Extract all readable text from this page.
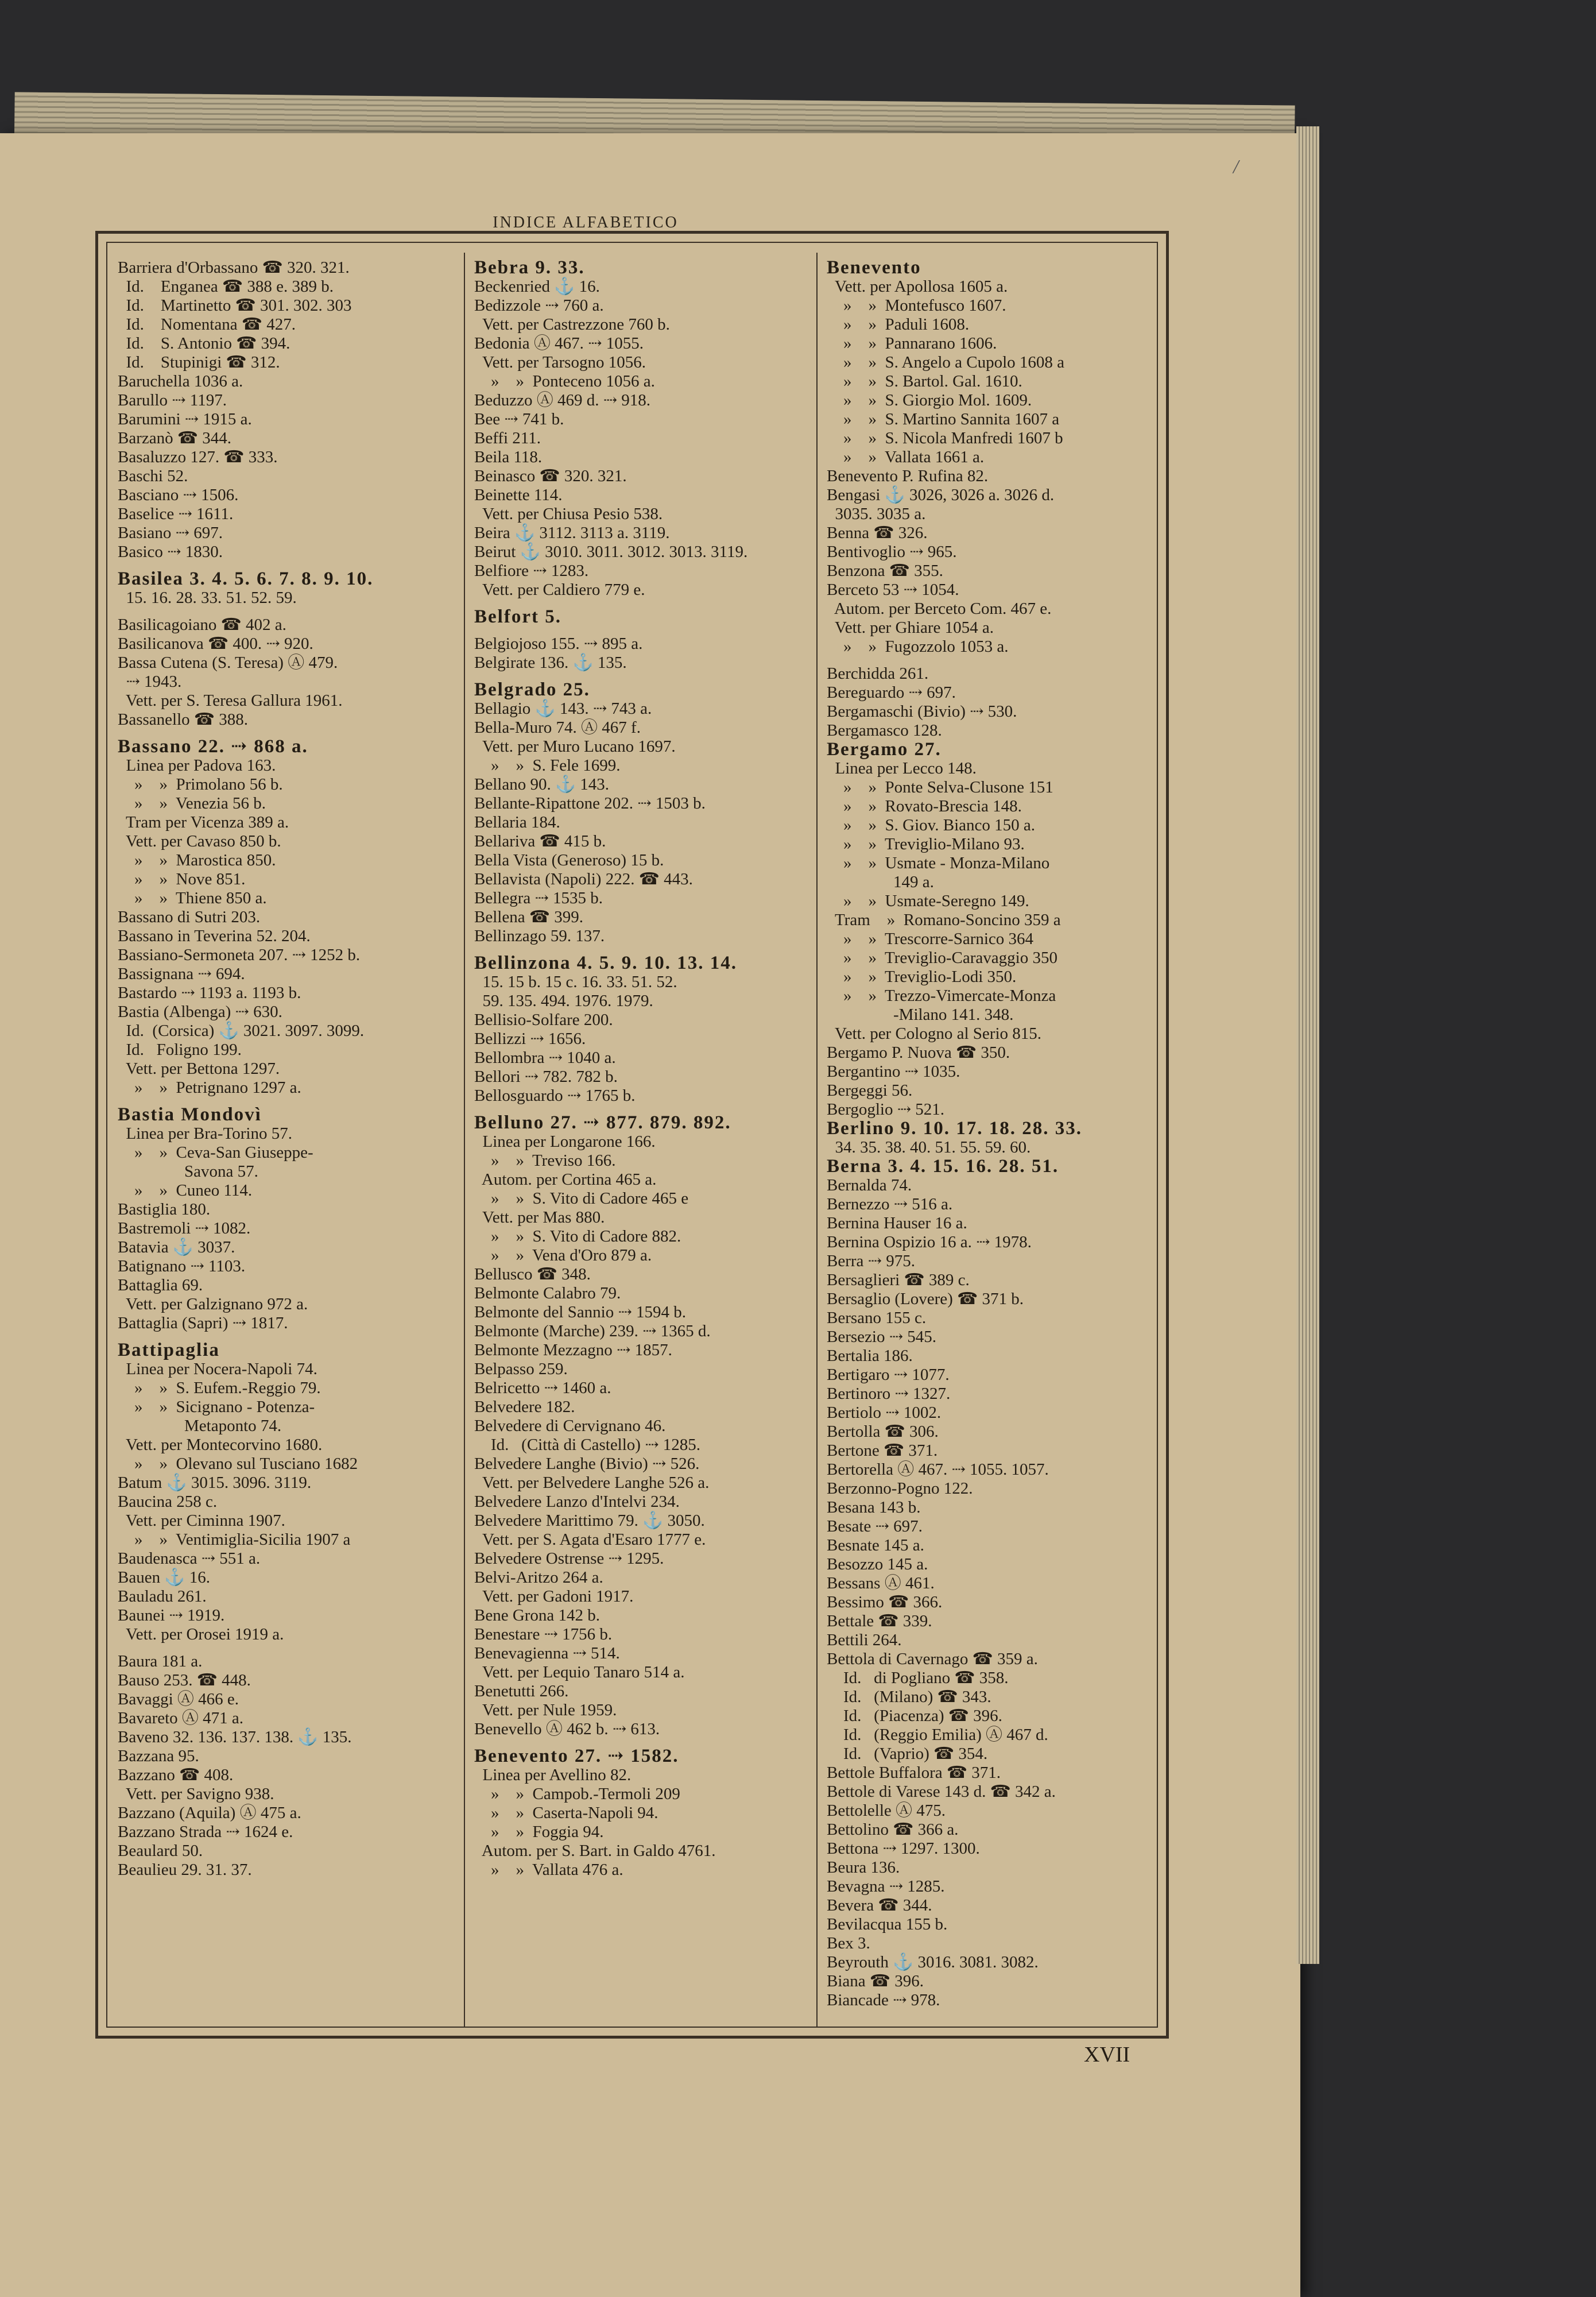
/
INDICE ALFABETICO
Barriera d'Orbassano ☎ 320. 321.
Id.    Enganea ☎ 388 e. 389 b.
Id.    Martinetto ☎ 301. 302. 303
Id.    Nomentana ☎ 427.
Id.    S. Antonio ☎ 394.
Id.    Stupinigi ☎ 312.
Baruchella 1036 a.
Barullo ⇢ 1197.
Barumini ⇢ 1915 a.
Barzanò ☎ 344.
Basaluzzo 127. ☎ 333.
Baschi 52.
Basciano ⇢ 1506.
Baselice ⇢ 1611.
Basiano ⇢ 697.
Basico ⇢ 1830.
Basilea 3. 4. 5. 6. 7. 8. 9. 10.
15. 16. 28. 33. 51. 52. 59.
Basilicagoiano ☎ 402 a.
Basilicanova ☎ 400. ⇢ 920.
Bassa Cutena (S. Teresa) Ⓐ 479.
⇢ 1943.
Vett. per S. Teresa Gallura 1961.
Bassanello ☎ 388.
Bassano 22. ⇢ 868 a.
Linea per Padova 163.
»    »  Primolano 56 b.
»    »  Venezia 56 b.
Tram per Vicenza 389 a.
Vett. per Cavaso 850 b.
»    »  Marostica 850.
»    »  Nove 851.
»    »  Thiene 850 a.
Bassano di Sutri 203.
Bassano in Teverina 52. 204.
Bassiano-Sermoneta 207. ⇢ 1252 b.
Bassignana ⇢ 694.
Bastardo ⇢ 1193 a. 1193 b.
Bastia (Albenga) ⇢ 630.
Id.  (Corsica) ⚓ 3021. 3097. 3099.
Id.   Foligno 199.
Vett. per Bettona 1297.
»    »  Petrignano 1297 a.
Bastia Mondovì
Linea per Bra-Torino 57.
»    »  Ceva-San Giuseppe-
Savona 57.
»    »  Cuneo 114.
Bastiglia 180.
Bastremoli ⇢ 1082.
Batavia ⚓ 3037.
Batignano ⇢ 1103.
Battaglia 69.
Vett. per Galzignano 972 a.
Battaglia (Sapri) ⇢ 1817.
Battipaglia
Linea per Nocera-Napoli 74.
»    »  S. Eufem.-Reggio 79.
»    »  Sicignano - Potenza-
Metaponto 74.
Vett. per Montecorvino 1680.
»    »  Olevano sul Tusciano 1682
Batum ⚓ 3015. 3096. 3119.
Baucina 258 c.
Vett. per Ciminna 1907.
»    »  Ventimiglia-Sicilia 1907 a
Baudenasca ⇢ 551 a.
Bauen ⚓ 16.
Bauladu 261.
Baunei ⇢ 1919.
Vett. per Orosei 1919 a.
Baura 181 a.
Bauso 253. ☎ 448.
Bavaggi Ⓐ 466 e.
Bavareto Ⓐ 471 a.
Baveno 32. 136. 137. 138. ⚓ 135.
Bazzana 95.
Bazzano ☎ 408.
Vett. per Savigno 938.
Bazzano (Aquila) Ⓐ 475 a.
Bazzano Strada ⇢ 1624 e.
Beaulard 50.
Beaulieu 29. 31. 37.
Bebra 9. 33.
Beckenried ⚓ 16.
Bedizzole ⇢ 760 a.
Vett. per Castrezzone 760 b.
Bedonia Ⓐ 467. ⇢ 1055.
Vett. per Tarsogno 1056.
»    »  Ponteceno 1056 a.
Beduzzo Ⓐ 469 d. ⇢ 918.
Bee ⇢ 741 b.
Beffi 211.
Beila 118.
Beinasco ☎ 320. 321.
Beinette 114.
Vett. per Chiusa Pesio 538.
Beira ⚓ 3112. 3113 a. 3119.
Beirut ⚓ 3010. 3011. 3012. 3013. 3119.
Belfiore ⇢ 1283.
Vett. per Caldiero 779 e.
Belfort 5.
Belgiojoso 155. ⇢ 895 a.
Belgirate 136. ⚓ 135.
Belgrado 25.
Bellagio ⚓ 143. ⇢ 743 a.
Bella-Muro 74. Ⓐ 467 f.
Vett. per Muro Lucano 1697.
»    »  S. Fele 1699.
Bellano 90. ⚓ 143.
Bellante-Ripattone 202. ⇢ 1503 b.
Bellaria 184.
Bellariva ☎ 415 b.
Bella Vista (Generoso) 15 b.
Bellavista (Napoli) 222. ☎ 443.
Bellegra ⇢ 1535 b.
Bellena ☎ 399.
Bellinzago 59. 137.
Bellinzona 4. 5. 9. 10. 13. 14.
15. 15 b. 15 c. 16. 33. 51. 52.
59. 135. 494. 1976. 1979.
Bellisio-Solfare 200.
Bellizzi ⇢ 1656.
Bellombra ⇢ 1040 a.
Bellori ⇢ 782. 782 b.
Bellosguardo ⇢ 1765 b.
Belluno 27. ⇢ 877. 879. 892.
Linea per Longarone 166.
»    »  Treviso 166.
Autom. per Cortina 465 a.
»    »  S. Vito di Cadore 465 e
Vett. per Mas 880.
»    »  S. Vito di Cadore 882.
»    »  Vena d'Oro 879 a.
Bellusco ☎ 348.
Belmonte Calabro 79.
Belmonte del Sannio ⇢ 1594 b.
Belmonte (Marche) 239. ⇢ 1365 d.
Belmonte Mezzagno ⇢ 1857.
Belpasso 259.
Belricetto ⇢ 1460 a.
Belvedere 182.
Belvedere di Cervignano 46.
Id.   (Città di Castello) ⇢ 1285.
Belvedere Langhe (Bivio) ⇢ 526.
Vett. per Belvedere Langhe 526 a.
Belvedere Lanzo d'Intelvi 234.
Belvedere Marittimo 79. ⚓ 3050.
Vett. per S. Agata d'Esaro 1777 e.
Belvedere Ostrense ⇢ 1295.
Belvi-Aritzo 264 a.
Vett. per Gadoni 1917.
Bene Grona 142 b.
Benestare ⇢ 1756 b.
Benevagienna ⇢ 514.
Vett. per Lequio Tanaro 514 a.
Benetutti 266.
Vett. per Nule 1959.
Benevello Ⓐ 462 b. ⇢ 613.
Benevento 27. ⇢ 1582.
Linea per Avellino 82.
»    »  Campob.-Termoli 209
»    »  Caserta-Napoli 94.
»    »  Foggia 94.
Autom. per S. Bart. in Galdo 4761.
»    »  Vallata 476 a.
Benevento
Vett. per Apollosa 1605 a.
»    »  Montefusco 1607.
»    »  Paduli 1608.
»    »  Pannarano 1606.
»    »  S. Angelo a Cupolo 1608 a
»    »  S. Bartol. Gal. 1610.
»    »  S. Giorgio Mol. 1609.
»    »  S. Martino Sannita 1607 a
»    »  S. Nicola Manfredi 1607 b
»    »  Vallata 1661 a.
Benevento P. Rufina 82.
Bengasi ⚓ 3026, 3026 a. 3026 d.
3035. 3035 a.
Benna ☎ 326.
Bentivoglio ⇢ 965.
Benzona ☎ 355.
Berceto 53 ⇢ 1054.
Autom. per Berceto Com. 467 e.
Vett. per Ghiare 1054 a.
»    »  Fugozzolo 1053 a.
Berchidda 261.
Bereguardo ⇢ 697.
Bergamaschi (Bivio) ⇢ 530.
Bergamasco 128.
Bergamo 27.
Linea per Lecco 148.
»    »  Ponte Selva-Clusone 151
»    »  Rovato-Brescia 148.
»    »  S. Giov. Bianco 150 a.
»    »  Treviglio-Milano 93.
»    »  Usmate - Monza-Milano
149 a.
»    »  Usmate-Seregno 149.
Tram    »  Romano-Soncino 359 a
»    »  Trescorre-Sarnico 364
»    »  Treviglio-Caravaggio 350
»    »  Treviglio-Lodi 350.
»    »  Trezzo-Vimercate-Monza
-Milano 141. 348.
Vett. per Cologno al Serio 815.
Bergamo P. Nuova ☎ 350.
Bergantino ⇢ 1035.
Bergeggi 56.
Bergoglio ⇢ 521.
Berlino 9. 10. 17. 18. 28. 33.
34. 35. 38. 40. 51. 55. 59. 60.
Berna 3. 4. 15. 16. 28. 51.
Bernalda 74.
Bernezzo ⇢ 516 a.
Bernina Hauser 16 a.
Bernina Ospizio 16 a. ⇢ 1978.
Berra ⇢ 975.
Bersaglieri ☎ 389 c.
Bersaglio (Lovere) ☎ 371 b.
Bersano 155 c.
Bersezio ⇢ 545.
Bertalia 186.
Bertigaro ⇢ 1077.
Bertinoro ⇢ 1327.
Bertiolo ⇢ 1002.
Bertolla ☎ 306.
Bertone ☎ 371.
Bertorella Ⓐ 467. ⇢ 1055. 1057.
Berzonno-Pogno 122.
Besana 143 b.
Besate ⇢ 697.
Besnate 145 a.
Besozzo 145 a.
Bessans Ⓐ 461.
Bessimo ☎ 366.
Bettale ☎ 339.
Bettili 264.
Bettola di Cavernago ☎ 359 a.
Id.   di Pogliano ☎ 358.
Id.   (Milano) ☎ 343.
Id.   (Piacenza) ☎ 396.
Id.   (Reggio Emilia) Ⓐ 467 d.
Id.   (Vaprio) ☎ 354.
Bettole Buffalora ☎ 371.
Bettole di Varese 143 d. ☎ 342 a.
Bettolelle Ⓐ 475.
Bettolino ☎ 366 a.
Bettona ⇢ 1297. 1300.
Beura 136.
Bevagna ⇢ 1285.
Bevera ☎ 344.
Bevilacqua 155 b.
Bex 3.
Beyrouth ⚓ 3016. 3081. 3082.
Biana ☎ 396.
Biancade ⇢ 978.
XVII
